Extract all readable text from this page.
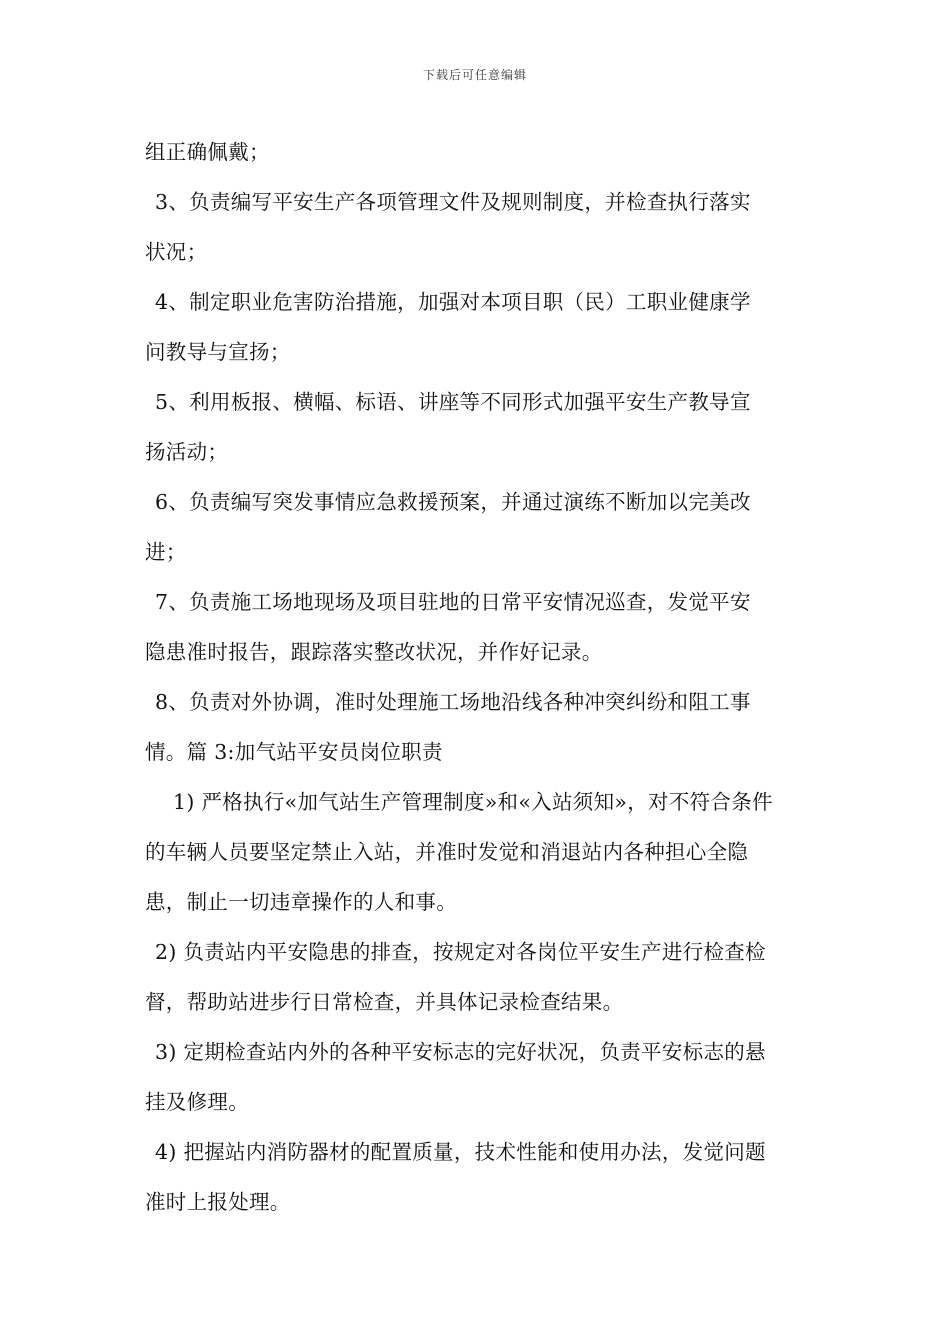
下载后可任意编辑
组正确佩戴；
3、负责编写平安生产各项管理文件及规则制度，并检查执行落实
状况；
4、制定职业危害防治措施，加强对本项目职（民）工职业健康学
问教导与宣扬；
5、利用板报、横幅、标语、讲座等不同形式加强平安生产教导宣
扬活动；
6、负责编写突发事情应急救援预案，并通过演练不断加以完美改
进；
7、负责施工场地现场及项目驻地的日常平安情况巡查，发觉平安
隐患准时报告，跟踪落实整改状况，并作好记录。
8、负责对外协调，准时处理施工场地沿线各种冲突纠纷和阻工事
情。篇 3:加气站平安员岗位职责
1) 严格执行«加气站生产管理制度»和«入站须知»，对不符合条件
的车辆人员要坚定禁止入站，并准时发觉和消退站内各种担心全隐
患，制止一切违章操作的人和事。
2) 负责站内平安隐患的排查，按规定对各岗位平安生产进行检查检
督，帮助站进步行日常检查，并具体记录检查结果。
3) 定期检查站内外的各种平安标志的完好状况，负责平安标志的悬
挂及修理。
4) 把握站内消防器材的配置质量，技术性能和使用办法，发觉问题
准时上报处理。
